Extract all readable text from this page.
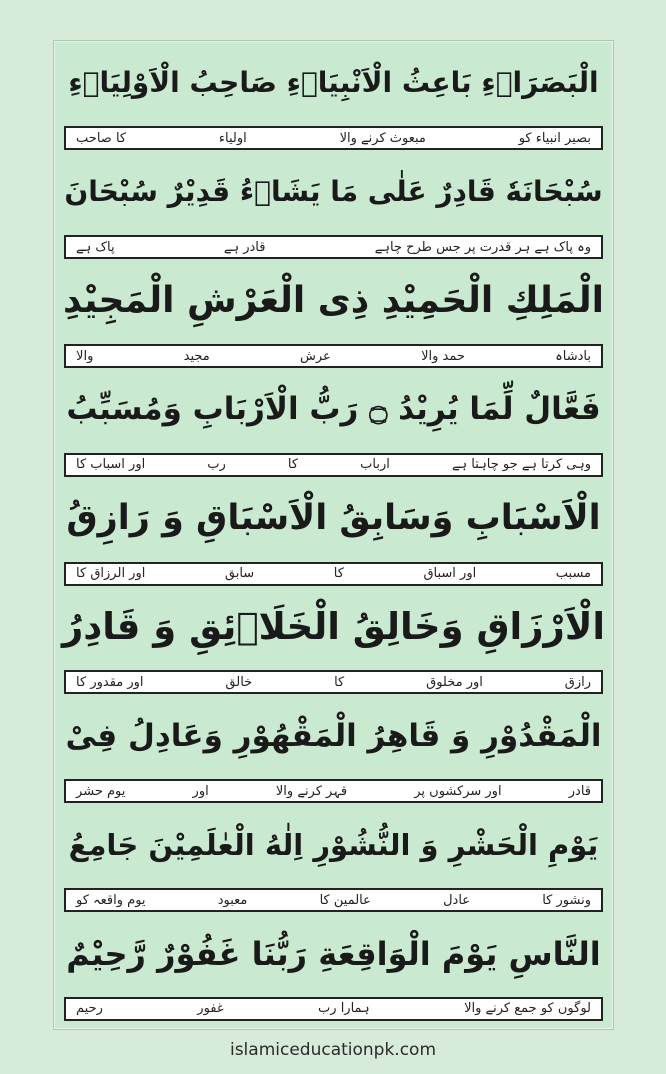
الْبَصَرَاۗءِ بَاعِثُ الْاَنْبِيَاۗءِ صَاحِبُ الْاَوْلِيَاۗءِ
بصیر انبیاء کو
مبعوث کرنے والا
اولیاء
کا صاحب
سُبْحَانَهٗ قَادِرٌ عَلٰى مَا يَشَاۗءُ قَدِيْرٌ سُبْحَانَ
وہ پاک ہے ہر قدرت پر جس طرح چاہے
قادر ہے
پاک ہے
الْمَلِكِ الْحَمِيْدِ ذِى الْعَرْشِ الْمَجِيْدِ
بادشاہ
حمد والا
عرش
مجید
والا
فَعَّالٌ لِّمَا يُرِيْدُ ۝ رَبُّ الْاَرْبَابِ وَمُسَبِّبُ
وہی کرتا ہے جو چاہتا ہے
ارباب
کا
رب
اور اسباب کا
الْاَسْبَابِ وَسَابِقُ الْاَسْبَاقِ وَ رَازِقُ
مسبب
اور اسباق
کا
سابق
اور الرزاق کا
الْاَرْزَاقِ وَخَالِقُ الْخَلَاۗئِقِ وَ قَادِرُ
رازق
اور مخلوق
کا
خالق
اور مقدور کا
الْمَقْدُوْرِ وَ قَاهِرُ الْمَقْهُوْرِ وَعَادِلُ فِىْ
قادر
اور سرکشوں پر
قہر کرنے والا
اور
یوم حشر
يَوْمِ الْحَشْرِ وَ النُّشُوْرِ اِلٰهُ الْعٰلَمِيْنَ جَامِعُ
ونشور کا
عادل
عالمین کا
معبود
یوم واقعہ کو
النَّاسِ يَوْمَ الْوَاقِعَةِ رَبُّنَا غَفُوْرٌ رَّحِيْمٌ
لوگوں کو جمع کرنے والا
ہمارا رب
غفور
رحیم
islamiceducationpk.com
